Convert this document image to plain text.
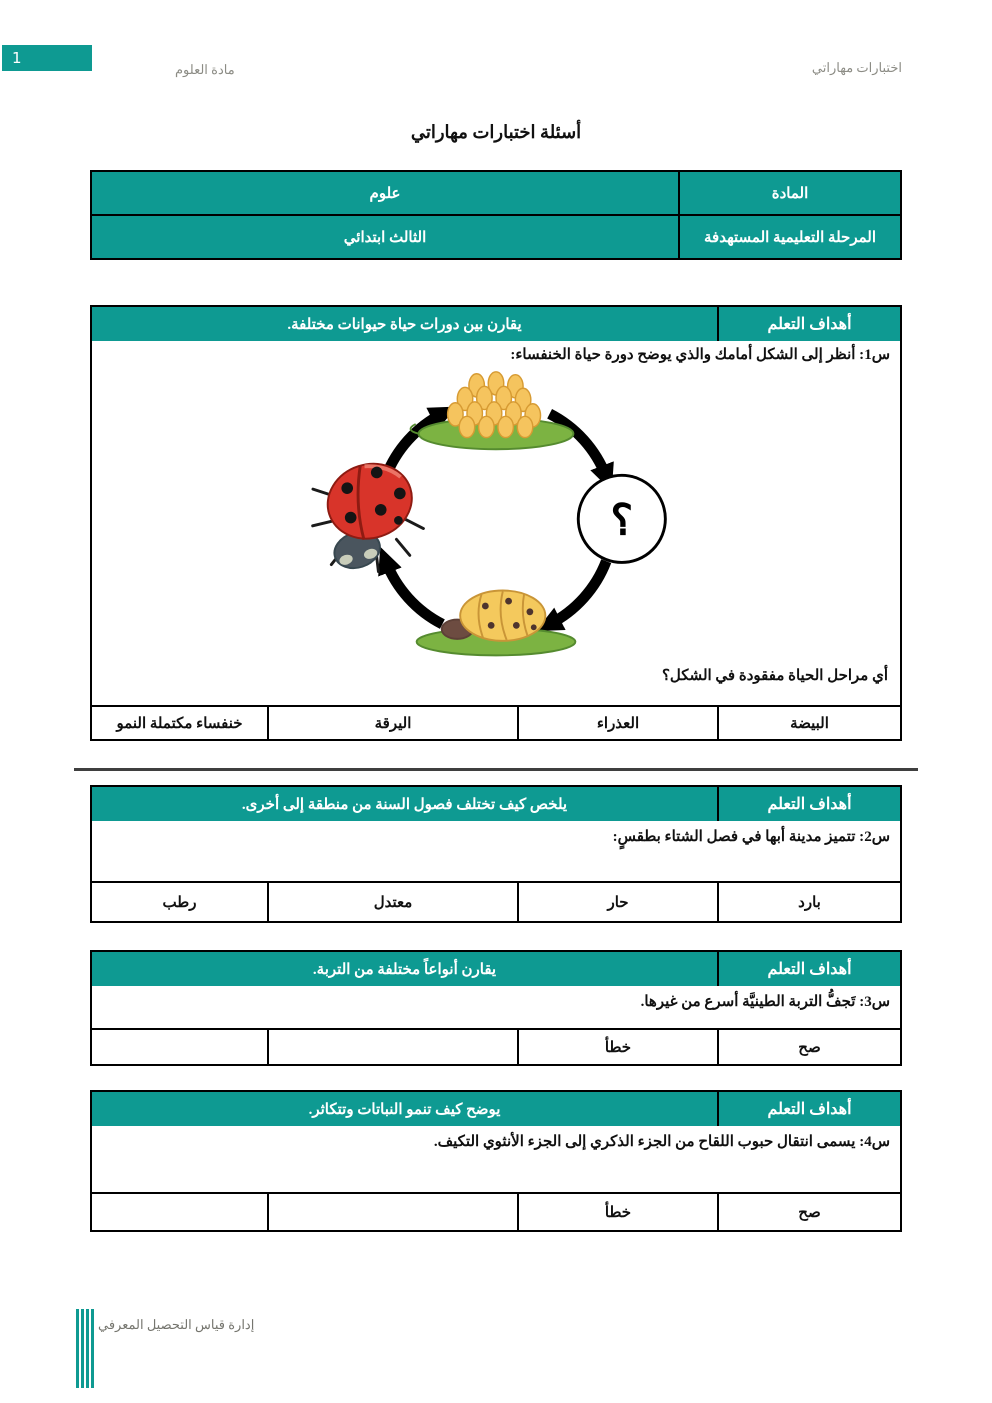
1
اختبارات مهاراتي
مادة العلوم
أسئلة اختبارات مهاراتي
المادة
علوم
المرحلة التعليمية المستهدفة
الثالث ابتدائي
أهداف التعلم
يقارن بين دورات حياة حيوانات مختلفة.

س1: أنظر إلى الشكل أمامك والذي يوضح دورة حياة الخنفساء:

؟
أي مراحل الحياة مفقودة في الشكل؟
البيضة
العذراء
اليرقة
خنفساء مكتملة النمو
أهداف التعلم
يلخص كيف تختلف فصول السنة من منطقة إلى أخرى.

س2: تتميز مدينة أبها في فصل الشتاء بطقسٍ:

بارد
حار
معتدل
رطب
أهداف التعلم
يقارن أنواعاً مختلفة من التربة.

س3: تَجفُّ التربة الطينيَّة أسرع من غيرها.

صح
خطأ
أهداف التعلم
يوضح كيف تنمو النباتات وتتكاثر.

س4: يسمى انتقال حبوب اللقاح من الجزء الذكري إلى الجزء الأنثوي التكيف.

صح
خطأ
إدارة قياس التحصيل المعرفي
